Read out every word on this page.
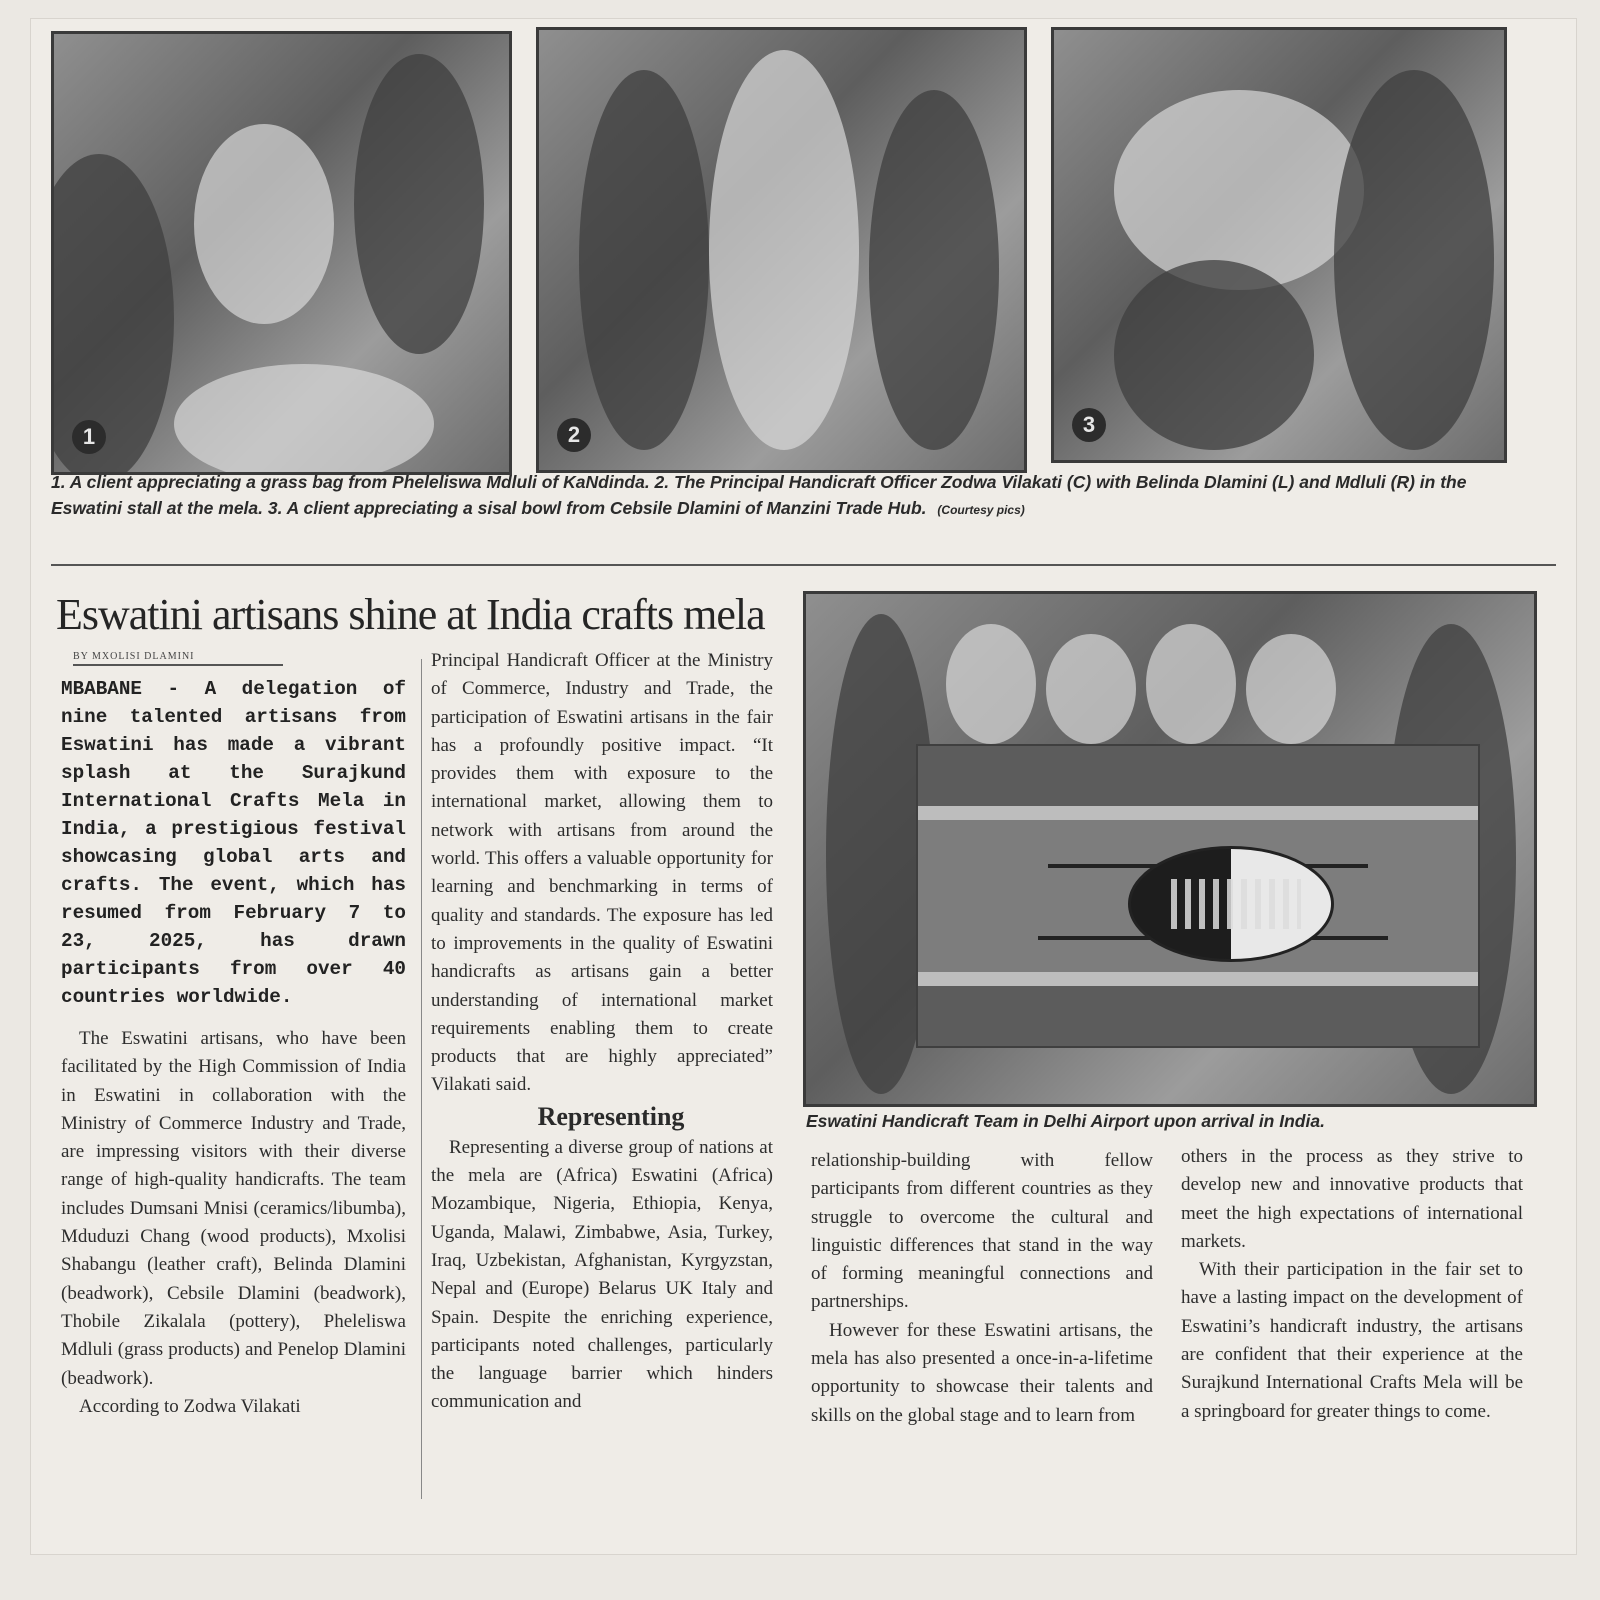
1	2	3
1. A client appreciating a grass bag from Pheleliswa Mdluli of KaNdinda. 2. The Principal Handicraft Officer Zodwa Vilakati (C) with Belinda Dlamini (L) and Mdluli (R) in the Eswatini stall at the mela. 3. A client appreciating a sisal bowl from Cebsile Dlamini of Manzini Trade Hub. (Courtesy pics)
Eswatini artisans shine at India crafts mela
BY MXOLISI DLAMINI
MBABANE - A delegation of nine talented artisans from Eswatini has made a vibrant splash at the Surajkund International Crafts Mela in India, a prestigious festival showcasing global arts and crafts. The event, which has resumed from February 7 to 23, 2025, has drawn participants from over 40 countries worldwide.

The Eswatini artisans, who have been facilitated by the High Commission of India in Eswatini in collaboration with the Ministry of Commerce Industry and Trade, are impressing visitors with their diverse range of high-quality handicrafts. The team includes Dumsani Mnisi (ceramics/libumba), Mduduzi Chang (wood products), Mxolisi Shabangu (leather craft), Belinda Dlamini (beadwork), Cebsile Dlamini (beadwork), Thobile Zikalala (pottery), Pheleliswa Mdluli (grass products) and Penelop Dlamini (beadwork).

According to Zodwa Vilakati

Principal Handicraft Officer at the Ministry of Commerce, Industry and Trade, the participation of Eswatini artisans in the fair has a profoundly positive impact. “It provides them with exposure to the international market, allowing them to network with artisans from around the world. This offers a valuable opportunity for learning and benchmarking in terms of quality and standards. The exposure has led to improvements in the quality of Eswatini handicrafts as artisans gain a better understanding of international market requirements enabling them to create products that are highly appreciated” Vilakati said.

Representing

Representing a diverse group of nations at the mela are (Africa) Eswatini (Africa) Mozambique, Nigeria, Ethiopia, Kenya, Uganda, Malawi, Zimbabwe, Asia, Turkey, Iraq, Uzbekistan, Afghanistan, Kyrgyzstan, Nepal and (Europe) Belarus UK Italy and Spain. Despite the enriching experience, participants noted challenges, particularly the language barrier which hinders communication and

Eswatini Handicraft Team in Delhi Airport upon arrival in India.

relationship-building with fellow participants from different countries as they struggle to overcome the cultural and linguistic differences that stand in the way of forming meaningful connections and partnerships.

However for these Eswatini artisans, the mela has also presented a once-in-a-lifetime opportunity to showcase their talents and skills on the global stage and to learn from

others in the process as they strive to develop new and innovative products that meet the high expectations of international markets.

With their participation in the fair set to have a lasting impact on the development of Eswatini’s handicraft industry, the artisans are confident that their experience at the Surajkund International Crafts Mela will be a springboard for greater things to come.
